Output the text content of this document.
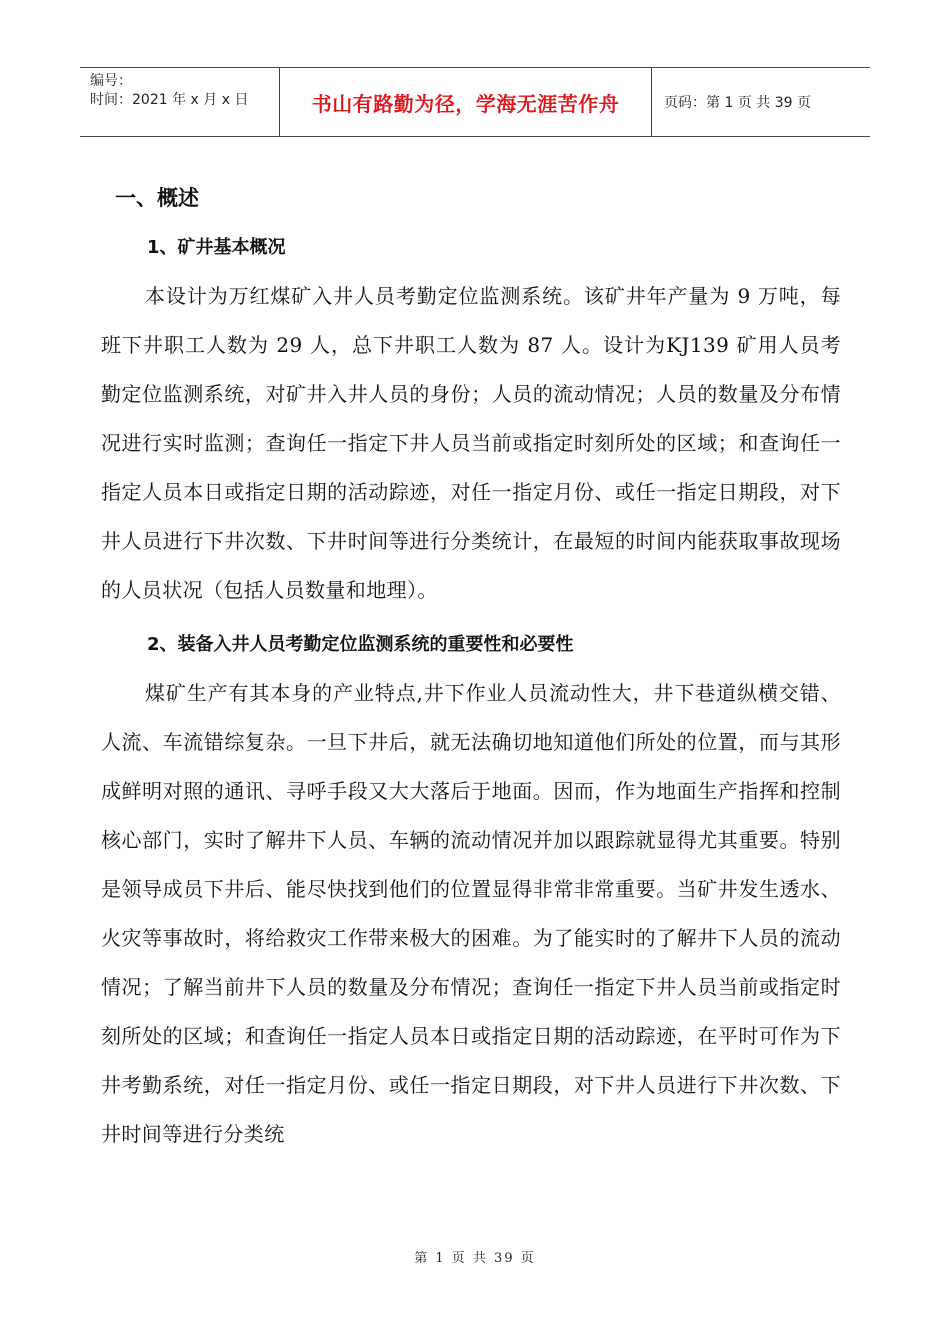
编号：
时间：2021 年 x 月 x 日	书山有路勤为径，学海无涯苦作舟	页码：第 1 页 共 39 页
一、概述
1、矿井基本概况

本设计为万红煤矿入井人员考勤定位监测系统。该矿井年产量为 9 万吨，每班下井职工人数为 29 人，总下井职工人数为 87 人。设计为KJ139 矿用人员考勤定位监测系统，对矿井入井人员的身份；人员的流动情况；人员的数量及分布情况进行实时监测；查询任一指定下井人员当前或指定时刻所处的区域；和查询任一指定人员本日或指定日期的活动踪迹，对任一指定月份、或任一指定日期段，对下井人员进行下井次数、下井时间等进行分类统计，在最短的时间内能获取事故现场的人员状况（包括人员数量和地理）。

2、装备入井人员考勤定位监测系统的重要性和必要性

煤矿生产有其本身的产业特点,井下作业人员流动性大，井下巷道纵横交错、人流、车流错综复杂。一旦下井后，就无法确切地知道他们所处的位置，而与其形成鲜明对照的通讯、寻呼手段又大大落后于地面。因而，作为地面生产指挥和控制核心部门，实时了解井下人员、车辆的流动情况并加以跟踪就显得尤其重要。特别是领导成员下井后、能尽快找到他们的位置显得非常非常重要。当矿井发生透水、火灾等事故时，将给救灾工作带来极大的困难。为了能实时的了解井下人员的流动情况；了解当前井下人员的数量及分布情况；查询任一指定下井人员当前或指定时刻所处的区域；和查询任一指定人员本日或指定日期的活动踪迹，在平时可作为下井考勤系统，对任一指定月份、或任一指定日期段，对下井人员进行下井次数、下井时间等进行分类统

第 1 页 共 39 页
